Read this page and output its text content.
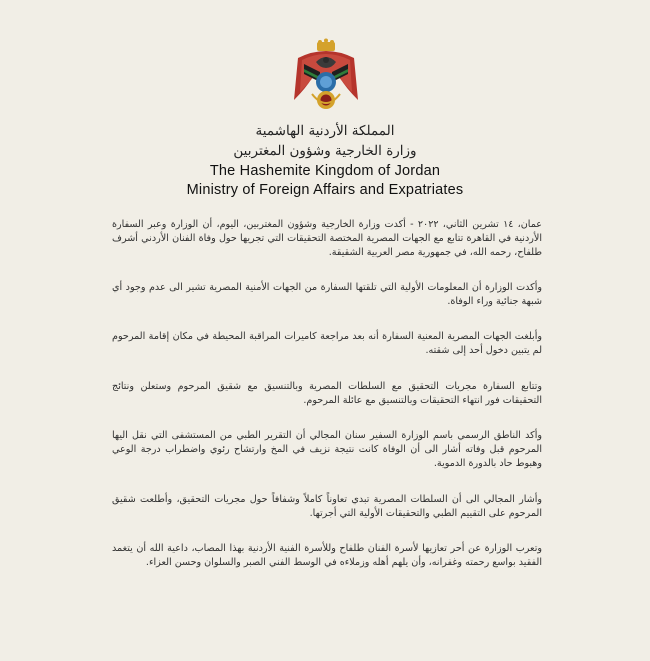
المملكة الأردنية الهاشمية
وزارة الخارجية وشؤون المغتربين
The Hashemite Kingdom of Jordan
Ministry of Foreign Affairs and Expatriates

عمان، ١٤ تشرين الثاني، ٢٠٢٢ - أكدت وزارة الخارجية وشؤون المغتربين، اليوم، أن الوزارة وعبر السفارة الأردنية في القاهرة تتابع مع الجهات المصرية المختصة التحقيقات التي تجريها حول وفاة الفنان الأردني أشرف طلفاح، رحمه الله، في جمهورية مصر العربية الشقيقة.

وأكدت الوزارة أن المعلومات الأولية التي تلقتها السفارة من الجهات الأمنية المصرية تشير الى عدم وجود أي شبهة جنائية وراء الوفاة.

وأبلغت الجهات المصرية المعنية السفارة أنه بعد مراجعة كاميرات المراقبة المحيطة في مكان إقامة المرحوم لم يتبين دخول أحد إلى شقته.

وتتابع السفارة مجريات التحقيق مع السلطات المصرية وبالتنسيق مع شقيق المرحوم وستعلن ونتائج التحقيقات فور انتهاء التحقيقات وبالتنسيق مع عائلة المرحوم.

وأكد الناطق الرسمي باسم الوزارة السفير سنان المجالي أن التقرير الطبي من المستشفى التي نقل اليها المرحوم قبل وفاته أشار الى أن الوفاة كانت نتيجة نزيف في المخ وارتشاح رئوي واضطراب درجة الوعي وهبوط حاد بالدورة الدموية.

وأشار المجالي الى أن السلطات المصرية تبدي تعاوناً كاملاً وشفافاً حول مجريات التحقيق، وأطلعت شقيق المرحوم على التقييم الطبي والتحقيقات الأولية التي أجرتها.

وتعرب الوزارة عن أحر تعازيها لأسرة الفنان طلفاح وللأسرة الفنية الأردنية بهذا المصاب، داعية الله أن يتغمد الفقيد بواسع رحمته وغفرانه، وأن يلهم أهله وزملاءه في الوسط الفني الصبر والسلوان وحسن العزاء.
